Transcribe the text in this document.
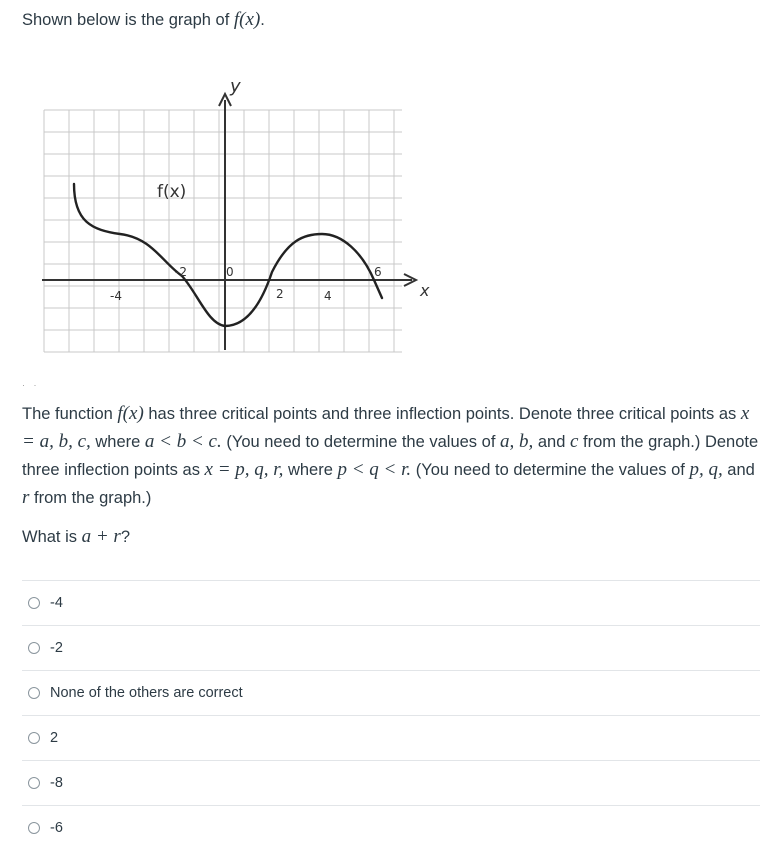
Shown below is the graph of f(x).
y
x
f(x)
-4
-2	0
2	4
6
· ·

The function f(x) has three critical points and three inflection points. Denote three critical points as x = a, b, c, where a < b < c. (You need to determine the values of a, b, and c from the graph.) Denote three inflection points as x = p, q, r, where p < q < r. (You need to determine the values of p, q, and r from the graph.)

What is a + r?
-4
-2
None of the others are correct
2
-8
-6
